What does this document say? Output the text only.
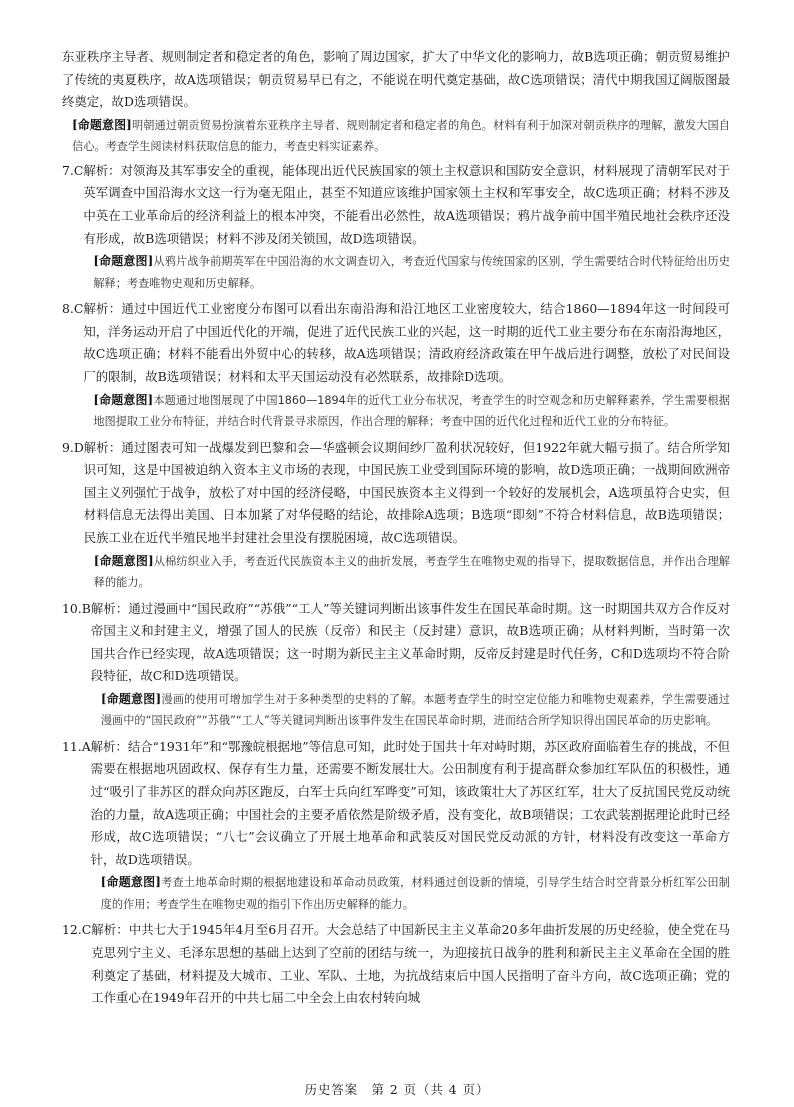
东亚秩序主导者、规则制定者和稳定者的角色，影响了周边国家，扩大了中华文化的影响力，故B选项正确；朝贡贸易维护了传统的夷夏秩序，故A选项错误；朝贡贸易早已有之，不能说在明代奠定基础，故C选项错误；清代中期我国辽阔版图最终奠定，故D选项错误。

[命题意图]明朝通过朝贡贸易扮演着东亚秩序主导者、规则制定者和稳定者的角色。材料有利于加深对朝贡秩序的理解，激发大国自信心。考查学生阅读材料获取信息的能力，考查史料实证素养。

7.C 解析：对领海及其军事安全的重视，能体现出近代民族国家的领土主权意识和国防安全意识，材料展现了清朝军民对于英军调查中国沿海水文这一行为毫无阻止，甚至不知道应该维护国家领土主权和军事安全，故C选项正确；材料不涉及中英在工业革命后的经济利益上的根本冲突，不能看出必然性，故A选项错误；鸦片战争前中国半殖民地社会秩序还没有形成，故B选项错误；材料不涉及闭关锁国，故D选项错误。

[命题意图]从鸦片战争前期英军在中国沿海的水文调查切入，考查近代国家与传统国家的区别，学生需要结合时代特征给出历史解释；考查唯物史观和历史解释。

8.C 解析：通过中国近代工业密度分布图可以看出东南沿海和沿江地区工业密度较大，结合1860—1894年这一时间段可知，洋务运动开启了中国近代化的开端，促进了近代民族工业的兴起，这一时期的近代工业主要分布在东南沿海地区，故C选项正确；材料不能看出外贸中心的转移，故A选项错误；清政府经济政策在甲午战后进行调整，放松了对民间设厂的限制，故B选项错误；材料和太平天国运动没有必然联系，故排除D选项。

[命题意图]本题通过地图展现了中国1860—1894年的近代工业分布状况，考查学生的时空观念和历史解释素养，学生需要根据地图提取工业分布特征，并结合时代背景寻求原因，作出合理的解释；考查中国的近代化过程和近代工业的分布特征。

9.D 解析：通过图表可知一战爆发到巴黎和会—华盛顿会议期间纱厂盈利状况较好，但1922年就大幅亏损了。结合所学知识可知，这是中国被迫纳入资本主义市场的表现，中国民族工业受到国际环境的影响，故D选项正确；一战期间欧洲帝国主义列强忙于战争，放松了对中国的经济侵略，中国民族资本主义得到一个较好的发展机会，A选项虽符合史实，但材料信息无法得出美国、日本加紧了对华侵略的结论，故排除A选项；B选项“即刻”不符合材料信息，故B选项错误；民族工业在近代半殖民地半封建社会里没有摆脱困境，故C选项错误。

[命题意图]从棉纺织业入手，考查近代民族资本主义的曲折发展，考查学生在唯物史观的指导下，提取数据信息，并作出合理解释的能力。

10.B 解析：通过漫画中“国民政府”“苏俄”“工人”等关键词判断出该事件发生在国民革命时期。这一时期国共双方合作反对帝国主义和封建主义，增强了国人的民族（反帝）和民主（反封建）意识，故B选项正确；从材料判断，当时第一次国共合作已经实现，故A选项错误；这一时期为新民主主义革命时期，反帝反封建是时代任务，C和D选项均不符合阶段特征，故C和D选项错误。

[命题意图]漫画的使用可增加学生对于多种类型的史料的了解。本题考查学生的时空定位能力和唯物史观素养，学生需要通过漫画中的“国民政府”“苏俄”“工人”等关键词判断出该事件发生在国民革命时期，进而结合所学知识得出国民革命的历史影响。

11.A 解析：结合“1931年”和“鄂豫皖根据地”等信息可知，此时处于国共十年对峙时期，苏区政府面临着生存的挑战，不但需要在根据地巩固政权、保存有生力量，还需要不断发展壮大。公田制度有利于提高群众参加红军队伍的积极性，通过“吸引了非苏区的群众向苏区跑反，白军士兵向红军哗变”可知，该政策壮大了苏区红军，壮大了反抗国民党反动统治的力量，故A选项正确；中国社会的主要矛盾依然是阶级矛盾，没有变化，故B项错误；工农武装割据理论此时已经形成，故C选项错误；“八七”会议确立了开展土地革命和武装反对国民党反动派的方针，材料没有改变这一革命方针，故D选项错误。

[命题意图]考查土地革命时期的根据地建设和革命动员政策，材料通过创设新的情境，引导学生结合时空背景分析红军公田制度的作用；考查学生在唯物史观的指引下作出历史解释的能力。

12.C 解析：中共七大于1945年4月至6月召开。大会总结了中国新民主主义革命20多年曲折发展的历史经验，使全党在马克思列宁主义、毛泽东思想的基础上达到了空前的团结与统一，为迎接抗日战争的胜利和新民主主义革命在全国的胜利奠定了基础，材料提及大城市、工业、军队、土地，为抗战结束后中国人民指明了奋斗方向，故C选项正确；党的工作重心在1949年召开的中共七届二中全会上由农村转向城

历史答案　第 2 页（共 4 页）
